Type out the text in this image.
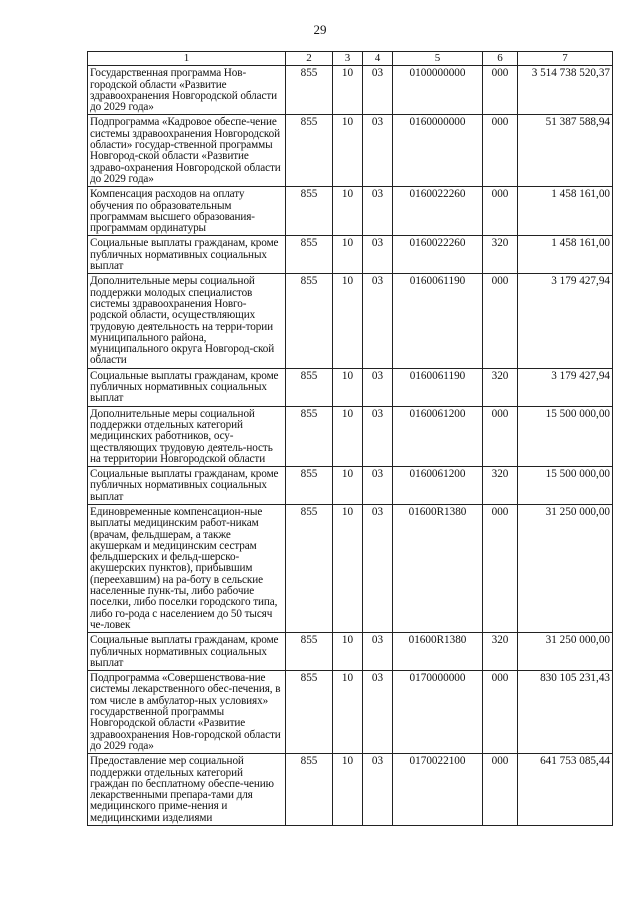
29
1	2	3	4	5	6	7
Государственная программа Нов-городской области «Развитие здравоохранения Новгородской области до 2029 года»	855	10	03	0100000000	000	3 514 738 520,37
Подпрограмма «Кадровое обеспе-чение системы здравоохранения Новгородской области» государ-ственной программы Новгород-ской области «Развитие здраво-охранения Новгородской области до 2029 года»	855	10	03	0160000000	000	51 387 588,94
Компенсация расходов на оплату обучения по образовательным программам высшего образования-программам ординатуры	855	10	03	0160022260	000	1 458 161,00
Социальные выплаты гражданам, кроме публичных нормативных социальных выплат	855	10	03	0160022260	320	1 458 161,00
Дополнительные меры социальной поддержки молодых специалистов системы здравоохранения Новго-родской области, осуществляющих трудовую деятельность на терри-тории муниципального района, муниципального округа Новгород-ской области	855	10	03	0160061190	000	3 179 427,94
Социальные выплаты гражданам, кроме публичных нормативных социальных выплат	855	10	03	0160061190	320	3 179 427,94
Дополнительные меры социальной поддержки отдельных категорий медицинских работников, осу-ществляющих трудовую деятель-ность на территории Новгородской области	855	10	03	0160061200	000	15 500 000,00
Социальные выплаты гражданам, кроме публичных нормативных социальных выплат	855	10	03	0160061200	320	15 500 000,00
Единовременные компенсацион-ные выплаты медицинским работ-никам (врачам, фельдшерам, а также акушеркам и медицинским сестрам фельдшерских и фельд-шерско-акушерских пунктов), прибывшим (переехавшим) на ра-боту в сельские населенные пунк-ты, либо рабочие поселки, либо поселки городского типа, либо го-рода с населением до 50 тысяч че-ловек	855	10	03	01600R1380	000	31 250 000,00
Социальные выплаты гражданам, кроме публичных нормативных социальных выплат	855	10	03	01600R1380	320	31 250 000,00
Подпрограмма «Совершенствова-ние системы лекарственного обес-печения, в том числе в амбулатор-ных условиях» государственной программы Новгородской области «Развитие здравоохранения Нов-городской области до 2029 года»	855	10	03	0170000000	000	830 105 231,43
Предоставление мер социальной поддержки отдельных категорий граждан по бесплатному обеспе-чению лекарственными препара-тами для медицинского приме-нения и медицинскими изделиями	855	10	03	0170022100	000	641 753 085,44
